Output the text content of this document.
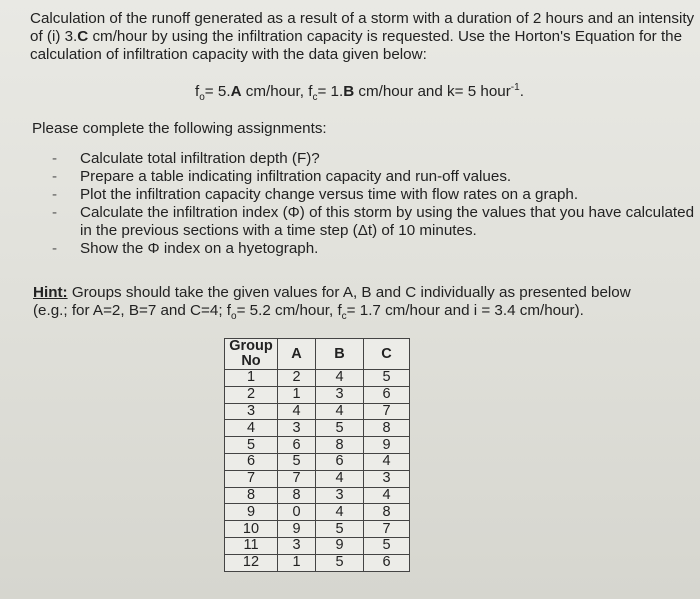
Calculation of the runoff generated as a result of a storm with a duration of 2 hours and an intensity
of (i) 3.C cm/hour by using the infiltration capacity is requested. Use the Horton's Equation for the
calculation of infiltration capacity with the data given below:
$f_o= 5.A$ cm/hour, $f_c= 1.B$ cm/hour and k= 5 hour$^{-1}$.
Please complete the following assignments:
- Calculate total infiltration depth (F)?
- Prepare a table indicating infiltration capacity and run-off values.
- Plot the infiltration capacity change versus time with flow rates on a graph.
- Calculate the infiltration index (Φ) of this storm by using the values that you have calculated
in the previous sections with a time step (Δt) of 10 minutes.
- Show the Φ index on a hyetograph.
Hint: Groups should take the given values for A, B and C individually as presented below
(e.g.; for A=2, B=7 and C=4; $f_o= 5.2$ cm/hour, $f_c= 1.7$ cm/hour and i = 3.4 cm/hour).
Group No	A	B	C
1	2	4	5
2	1	3	6
3	4	4	7
4	3	5	8
5	6	8	9
6	5	6	4
7	7	4	3
8	8	3	4
9	0	4	8
10	9	5	7
11	3	9	5
12	1	5	6
